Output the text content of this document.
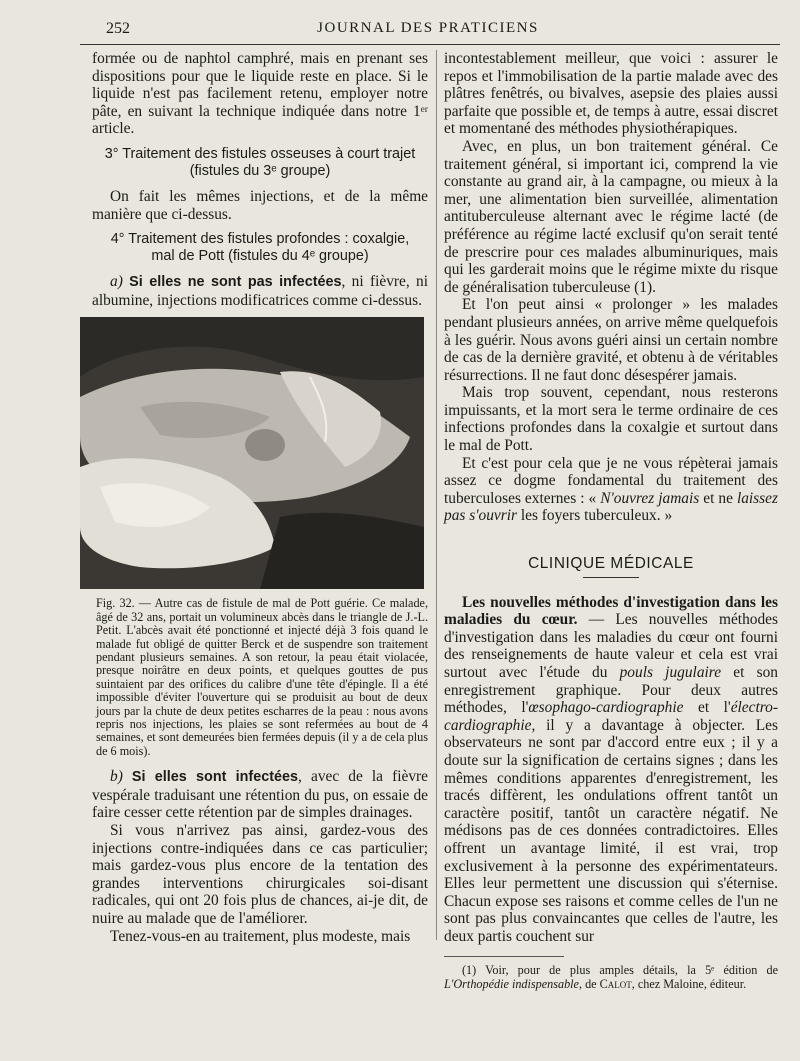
252	JOURNAL DES PRATICIENS

formée ou de naphtol camphré, mais en prenant ses dispositions pour que le liquide reste en place. Si le liquide n'est pas facilement retenu, employer notre pâte, en suivant la technique indiquée dans notre 1ᵉʳ article.

3° Traitement des fistules osseuses à court trajet
(fistules du 3ᵉ groupe)

On fait les mêmes injections, et de la même manière que ci-dessus.

4° Traitement des fistules profondes : coxalgie,
mal de Pott (fistules du 4ᵉ groupe)

a) Si elles ne sont pas infectées, ni fièvre, ni albumine, injections modificatrices comme ci-dessus.

Fig. 32. — Autre cas de fistule de mal de Pott guérie. Ce malade, âgé de 32 ans, portait un volumineux abcès dans le triangle de J.-L. Petit. L'abcès avait été ponctionné et injecté déjà 3 fois quand le malade fut obligé de quitter Berck et de suspendre son traitement pendant plusieurs semaines. A son retour, la peau était violacée, presque noirâtre en deux points, et quelques gouttes de pus suintaient par des orifices du calibre d'une tête d'épingle. Il a été impossible d'éviter l'ouverture qui se produisit au bout de deux jours par la chute de deux petites escharres de la peau : nous avons repris nos injections, les plaies se sont refermées au bout de 4 semaines, et sont demeurées bien fermées depuis (il y a de cela plus de 6 mois).

b) Si elles sont infectées, avec de la fièvre vespérale traduisant une rétention du pus, on essaie de faire cesser cette rétention par de simples drainages.

Si vous n'arrivez pas ainsi, gardez-vous des injections contre-indiquées dans ce cas particulier; mais gardez-vous plus encore de la tentation des grandes interventions chirurgicales soi-disant radicales, qui ont 20 fois plus de chances, ai-je dit, de nuire au malade que de l'améliorer.

Tenez-vous-en au traitement, plus modeste, mais

incontestablement meilleur, que voici : assurer le repos et l'immobilisation de la partie malade avec des plâtres fenêtrés, ou bivalves, asepsie des plaies aussi parfaite que possible et, de temps à autre, essai discret et momentané des méthodes physiothérapiques.

Avec, en plus, un bon traitement général. Ce traitement général, si important ici, comprend la vie constante au grand air, à la campagne, ou mieux à la mer, une alimentation bien surveillée, alimentation antituberculeuse alternant avec le régime lacté (de préférence au régime lacté exclusif qu'on serait tenté de prescrire pour ces malades albuminuriques, mais qui les garderait moins que le régime mixte du risque de généralisation tuberculeuse (1).

Et l'on peut ainsi « prolonger » les malades pendant plusieurs années, on arrive même quelquefois à les guérir. Nous avons guéri ainsi un certain nombre de cas de la dernière gravité, et obtenu à de véritables résurrections. Il ne faut donc désespérer jamais.

Mais trop souvent, cependant, nous resterons impuissants, et la mort sera le terme ordinaire de ces infections profondes dans la coxalgie et surtout dans le mal de Pott.

Et c'est pour cela que je ne vous répèterai jamais assez ce dogme fondamental du traitement des tuberculoses externes : « N'ouvrez jamais et ne laissez pas s'ouvrir les foyers tuberculeux. »

CLINIQUE MÉDICALE

Les nouvelles méthodes d'investigation dans les maladies du cœur. — Les nouvelles méthodes d'investigation dans les maladies du cœur ont fourni des renseignements de haute valeur et cela est vrai surtout avec l'étude du pouls jugulaire et son enregistrement graphique. Pour deux autres méthodes, l'œsophago-cardiographie et l'électro-cardiographie, il y a davantage à objecter. Les observateurs ne sont par d'accord entre eux ; il y a doute sur la signification de certains signes ; dans les mêmes conditions apparentes d'enregistrement, les tracés diffèrent, les ondulations offrent tantôt un caractère positif, tantôt un caractère négatif. Ne médisons pas de ces données contradictoires. Elles offrent un avantage limité, il est vrai, trop exclusivement à la personne des expérimentateurs. Elles leur permettent une discussion qui s'éternise. Chacun expose ses raisons et comme celles de l'un ne sont pas plus convaincantes que celles de l'autre, les deux partis couchent sur

(1) Voir, pour de plus amples détails, la 5ᵉ édition de L'Orthopédie indispensable, de Calot, chez Maloine, éditeur.
